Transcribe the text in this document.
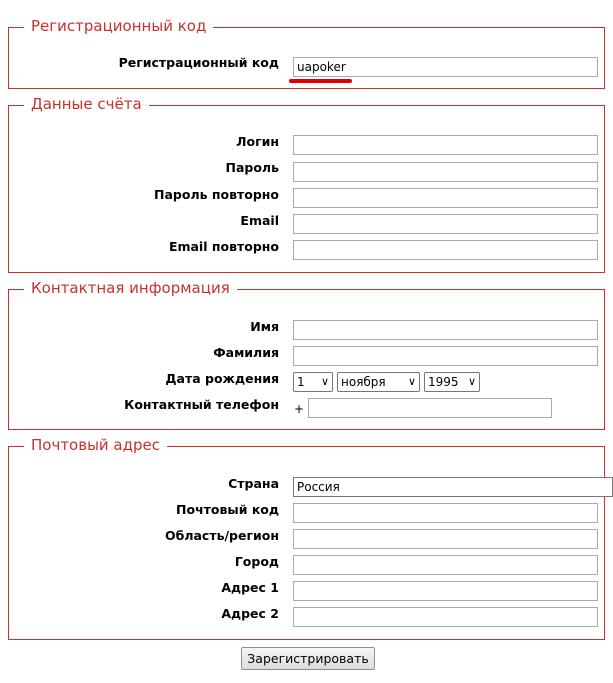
Регистрационный код
Регистрационный код	uapoker
Данные счёта
Логин
Пароль
Пароль повторно
Email
Email повторно
Контактная информация
Имя
Фамилия
Дата рождения	1 ∨	ноября ∨	1995 ∨
Контактный телефон +
Почтовый адрес
Страна	Россия
Почтовый код
Область/регион
Город
Адрес 1
Адрес 2
Зарегистрировать
